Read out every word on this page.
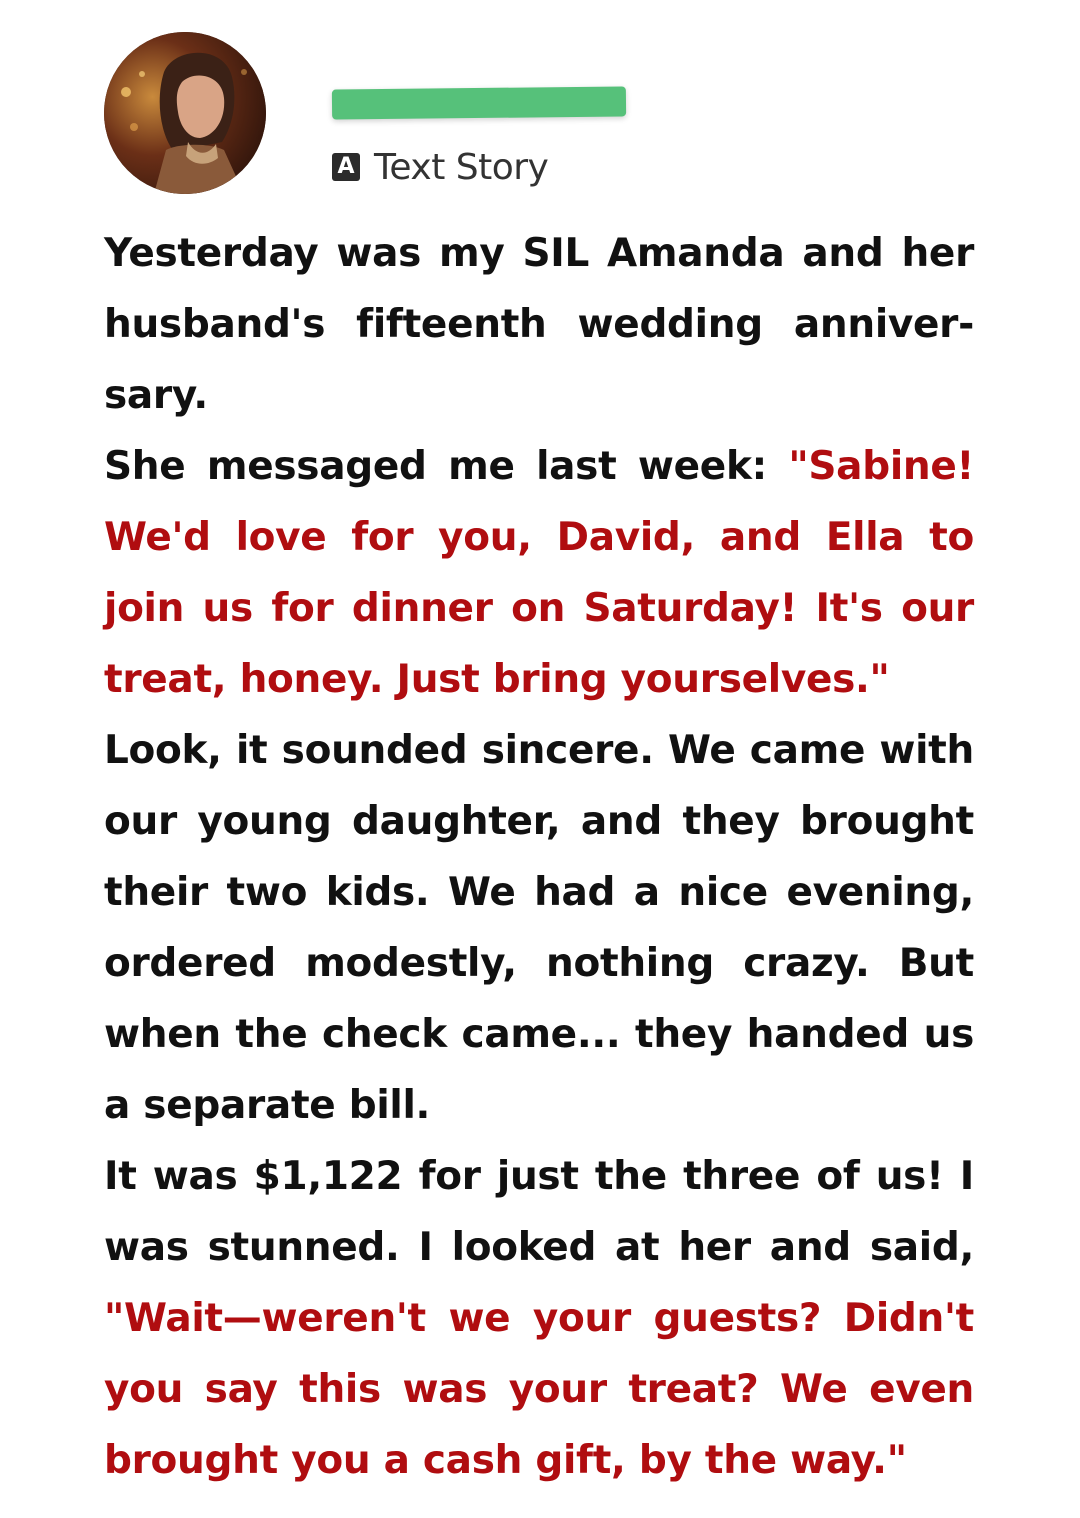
A Text Story

Yesterday was my SIL Amanda and her husband's fifteenth wedding anniver-sary.

She messaged me last week: "Sabine! We'd love for you, David, and Ella to join us for dinner on Saturday! It's our treat, honey. Just bring yourselves."

Look, it sounded sincere. We came with our young daughter, and they brought their two kids. We had a nice evening, ordered modestly, nothing crazy. But when the check came... they handed us a separate bill.

It was $1,122 for just the three of us! I was stunned. I looked at her and said, "Wait—weren't we your guests? Didn't you say this was your treat? We even brought you a cash gift, by the way."
